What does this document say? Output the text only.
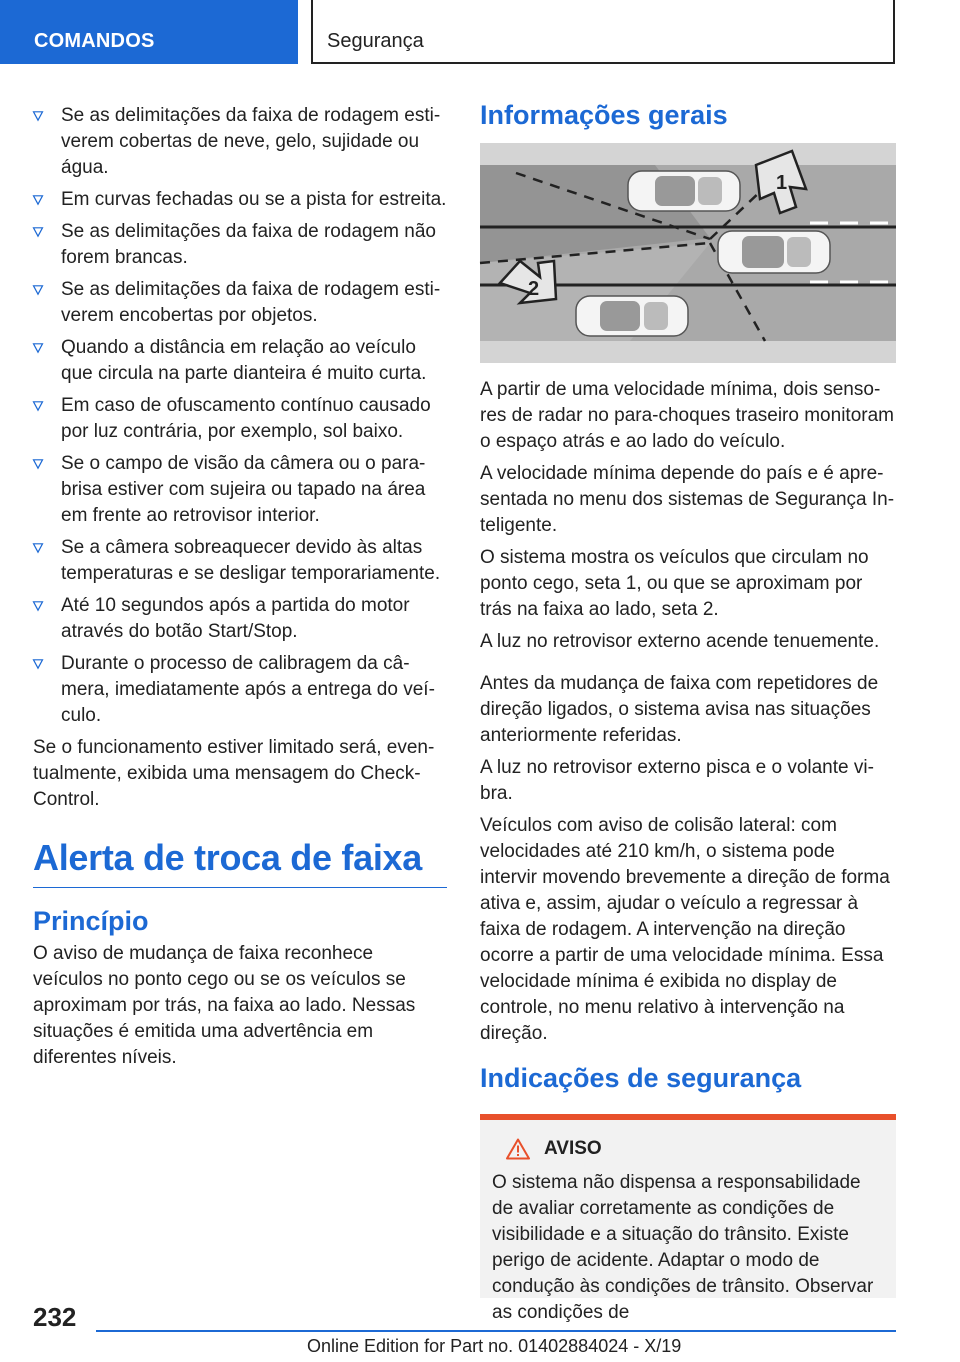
COMANDOS	Segurança
Se as delimitações da faixa de rodagem estiverem cobertas de neve, gelo, sujidade ou água.
Em curvas fechadas ou se a pista for estreita.
Se as delimitações da faixa de rodagem não forem brancas.
Se as delimitações da faixa de rodagem estiverem encobertas por objetos.
Quando a distância em relação ao veículo que circula na parte dianteira é muito curta.
Em caso de ofuscamento contínuo causado por luz contrária, por exemplo, sol baixo.
Se o campo de visão da câmera ou o para-brisa estiver com sujeira ou tapado na área em frente ao retrovisor interior.
Se a câmera sobreaquecer devido às altas temperaturas e se desligar temporariamente.
Até 10 segundos após a partida do motor através do botão Start/Stop.
Durante o processo de calibragem da câmera, imediatamente após a entrega do veículo.

Se o funcionamento estiver limitado será, eventualmente, exibida uma mensagem do Check-Control.

Alerta de troca de faixa
Princípio

O aviso de mudança de faixa reconhece veículos no ponto cego ou se os veículos se aproximam por trás, na faixa ao lado. Nessas situações é emitida uma advertência em diferentes níveis.

Informações gerais
1
2

A partir de uma velocidade mínima, dois sensores de radar no para-choques traseiro monitoram o espaço atrás e ao lado do veículo.

A velocidade mínima depende do país e é apresentada no menu dos sistemas de Segurança Inteligente.

O sistema mostra os veículos que circulam no ponto cego, seta 1, ou que se aproximam por trás na faixa ao lado, seta 2.

A luz no retrovisor externo acende tenuemente.

Antes da mudança de faixa com repetidores de direção ligados, o sistema avisa nas situações anteriormente referidas.

A luz no retrovisor externo pisca e o volante vibra.

Veículos com aviso de colisão lateral: com velocidades até 210 km/h, o sistema pode intervir movendo brevemente a direção de forma ativa e, assim, ajudar o veículo a regressar à faixa de rodagem. A intervenção na direção ocorre a partir de uma velocidade mínima. Essa velocidade mínima é exibida no display de controle, no menu relativo à intervenção na direção.

Indicações de segurança
AVISO

O sistema não dispensa a responsabilidade de avaliar corretamente as condições de visibilidade e a situação do trânsito. Existe perigo de acidente. Adaptar o modo de condução às condições de trânsito. Observar as condições de

232
Online Edition for Part no. 01402884024 - X/19
